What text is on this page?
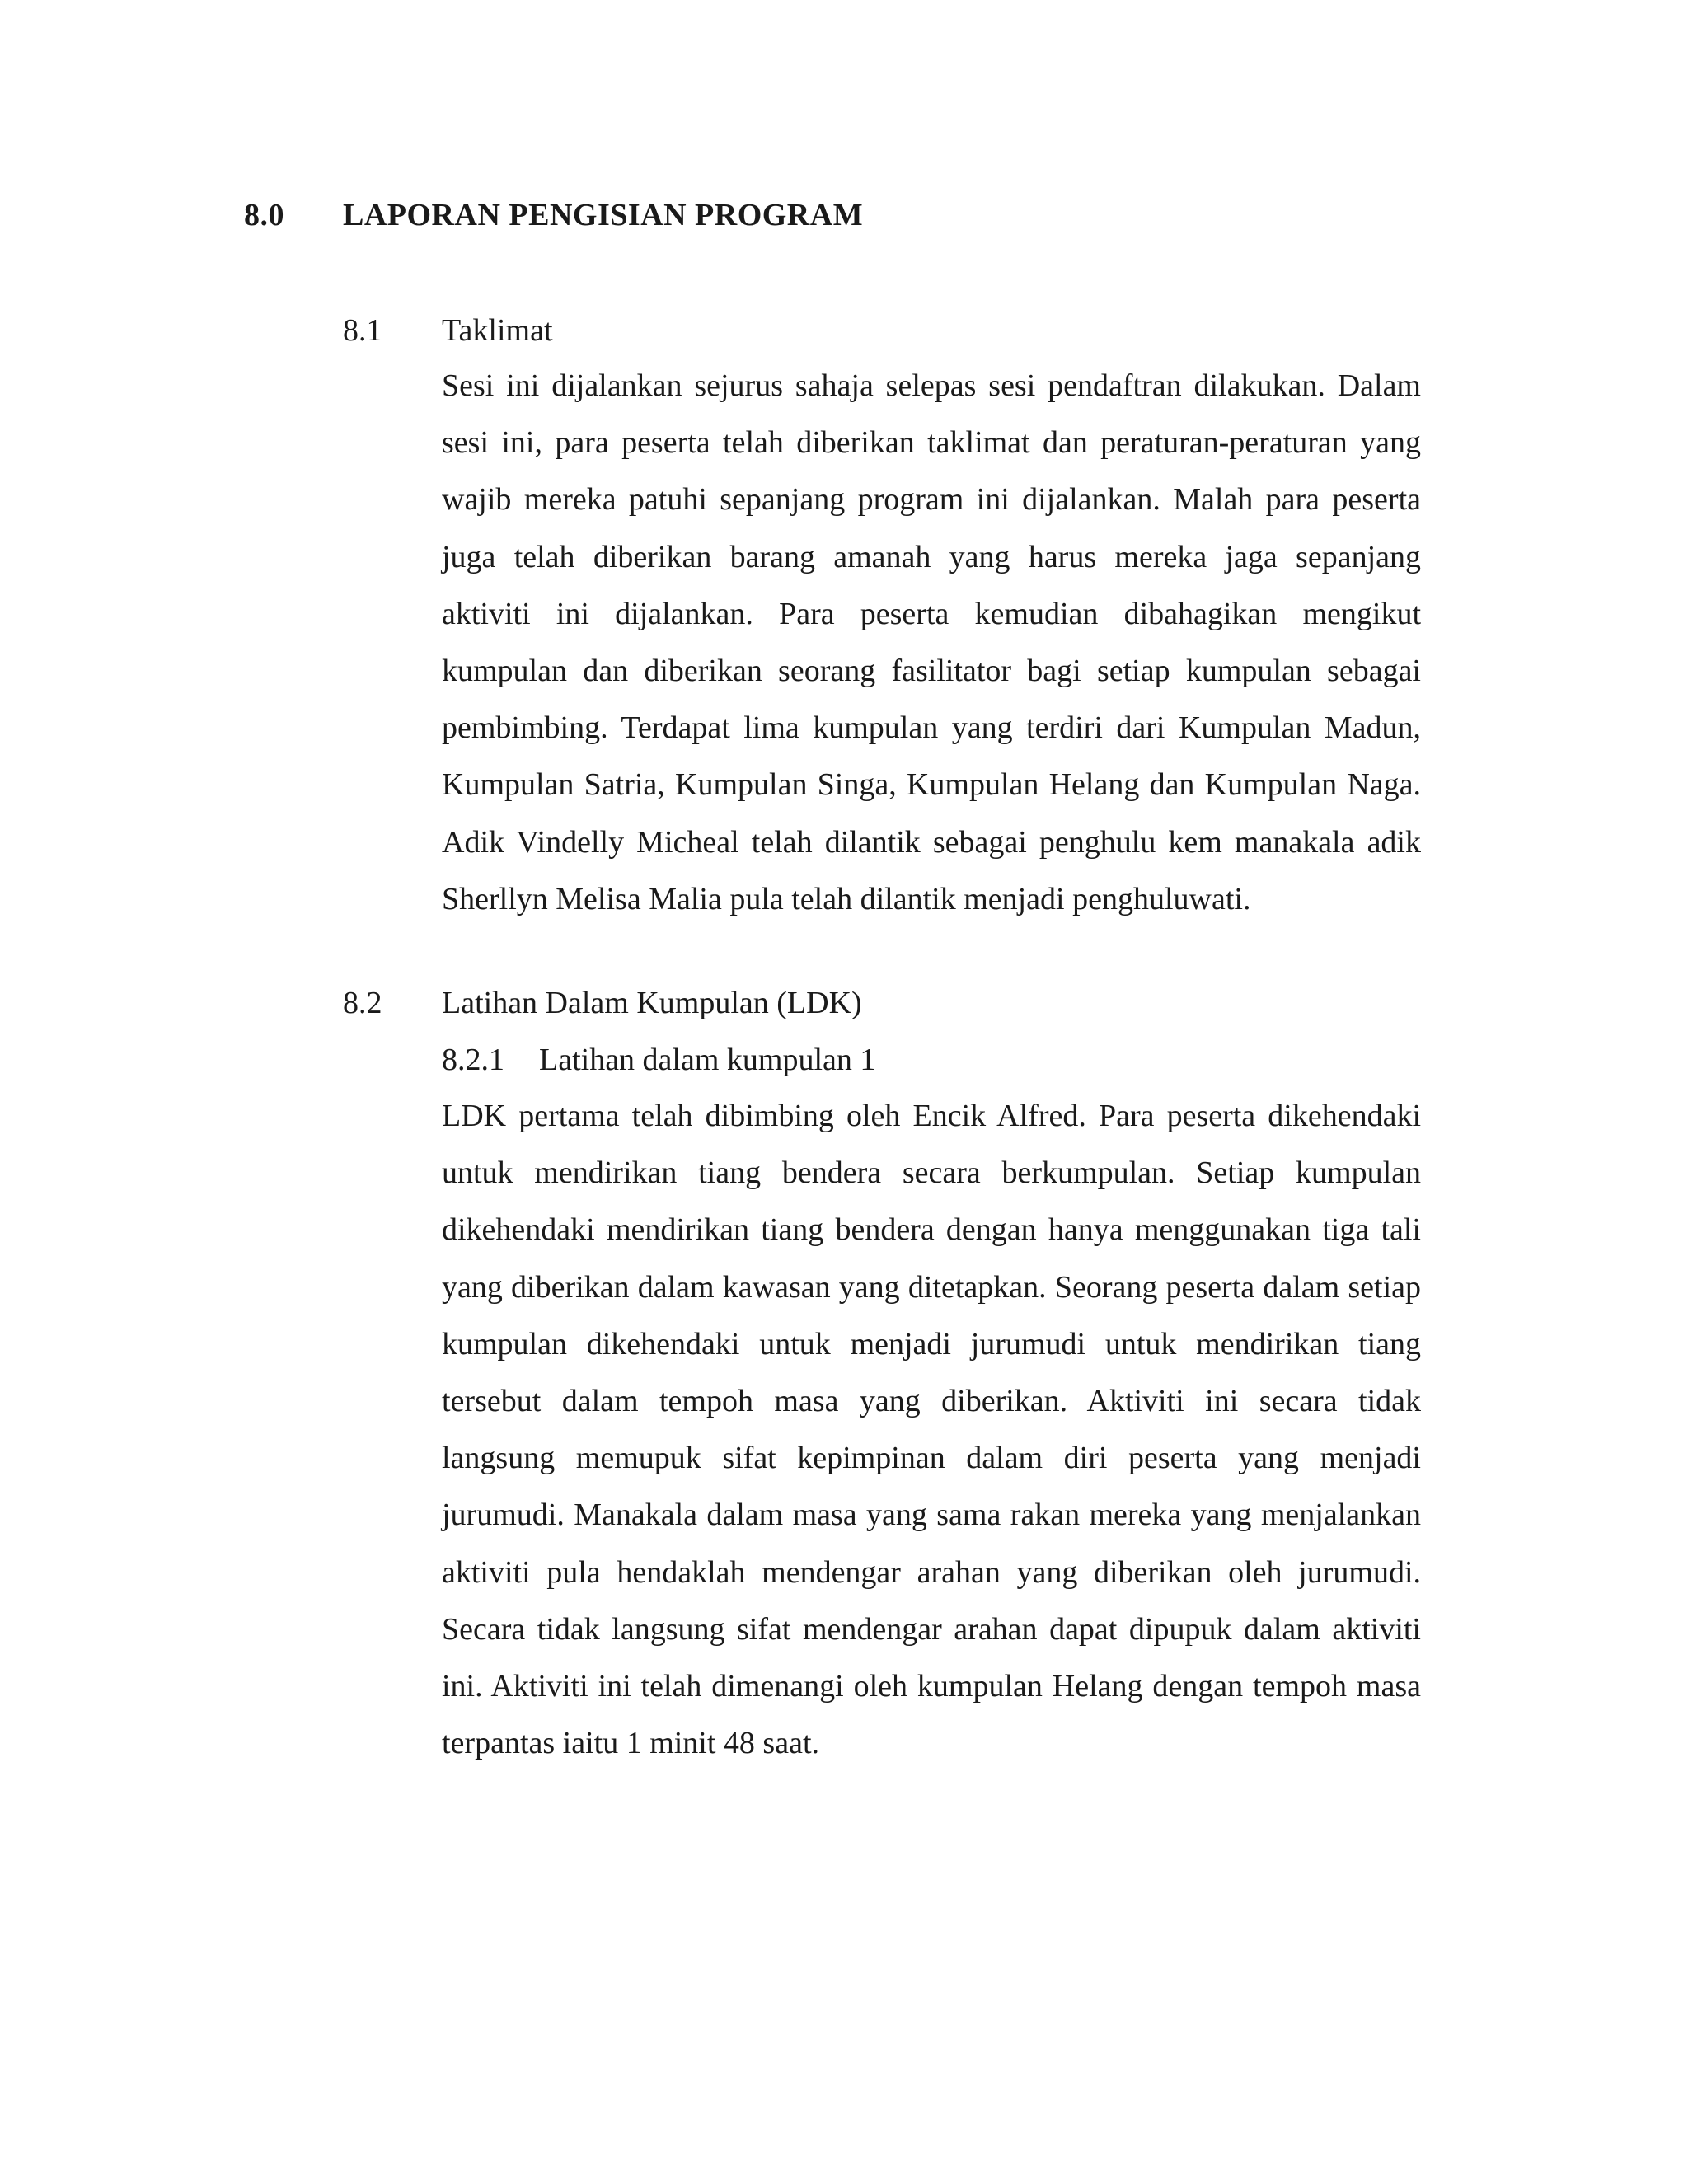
8.0	LAPORAN PENGISIAN PROGRAM
8.1 Taklimat

Sesi ini dijalankan sejurus sahaja selepas sesi pendaftran dilakukan. Dalam sesi ini, para peserta telah diberikan taklimat dan peraturan-peraturan yang wajib mereka patuhi sepanjang program ini dijalankan. Malah para peserta juga telah diberikan barang amanah yang harus mereka jaga sepanjang aktiviti ini dijalankan. Para peserta kemudian dibahagikan mengikut kumpulan dan diberikan seorang fasilitator bagi setiap kumpulan sebagai pembimbing. Terdapat lima kumpulan yang terdiri dari Kumpulan Madun, Kumpulan Satria, Kumpulan Singa, Kumpulan Helang dan Kumpulan Naga. Adik Vindelly Micheal telah dilantik sebagai penghulu kem manakala adik Sherllyn Melisa Malia pula telah dilantik menjadi penghuluwati.

8.2 Latihan Dalam Kumpulan (LDK)
8.2.1 Latihan dalam kumpulan 1

LDK pertama telah dibimbing oleh Encik Alfred. Para peserta dikehendaki untuk mendirikan tiang bendera secara berkumpulan. Setiap kumpulan dikehendaki mendirikan tiang bendera dengan hanya menggunakan tiga tali yang diberikan dalam kawasan yang ditetapkan. Seorang peserta dalam setiap kumpulan dikehendaki untuk menjadi jurumudi untuk mendirikan tiang tersebut dalam tempoh masa yang diberikan. Aktiviti ini secara tidak langsung memupuk sifat kepimpinan dalam diri peserta yang menjadi jurumudi. Manakala dalam masa yang sama rakan mereka yang menjalankan aktiviti pula hendaklah mendengar arahan yang diberikan oleh jurumudi. Secara tidak langsung sifat mendengar arahan dapat dipupuk dalam aktiviti ini. Aktiviti ini telah dimenangi oleh kumpulan Helang dengan tempoh masa terpantas iaitu 1 minit 48 saat.
